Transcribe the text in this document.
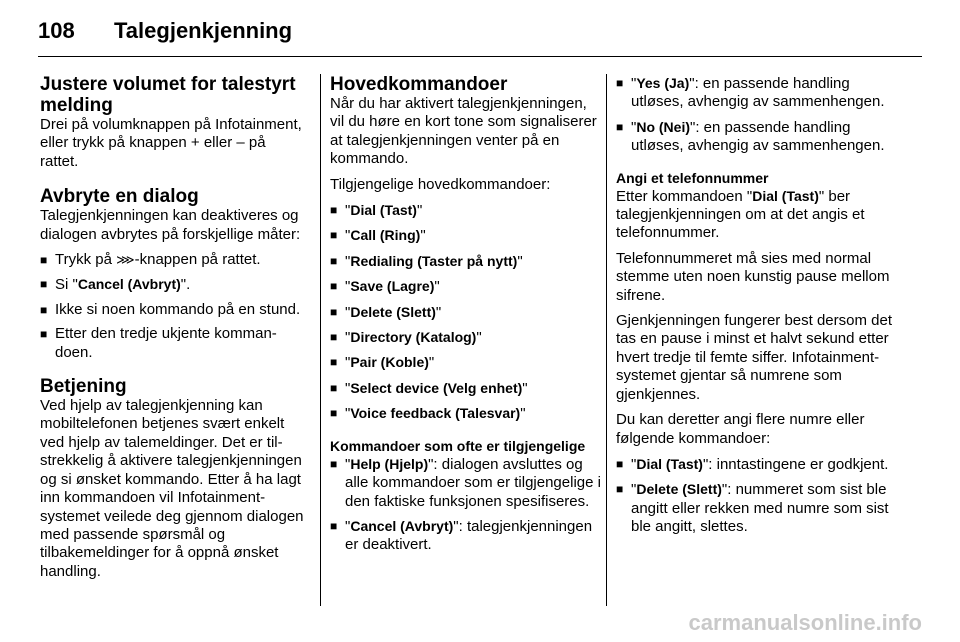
108 Talegjenkjenning
Justere volumet for talestyrt melding

Drei på volumknappen på Infotainment, eller trykk på knappen + eller – på rattet.

Avbryte en dialog

Talegjenkjenningen kan deaktiveres og dialogen avbrytes på forskjellige måter:

■ Trykk på ⋙-knappen på rattet.
■ Si "Cancel (Avbryt)".
■ Ikke si noen kommando på en stund.
■ Etter den tredje ukjente kommandoen.
Betjening

Ved hjelp av talegjenkjenning kan mobiltelefonen betjenes svært enkelt ved hjelp av talemeldinger. Det er tilstrekkelig å aktivere talegjenkjenningen og si ønsket kommando. Etter å ha lagt inn kommandoen vil Infotainment-systemet veilede deg gjennom dialogen med passende spørsmål og tilbakemeldinger for å oppnå ønsket handling.

Hovedkommandoer

Når du har aktivert talegjenkjenningen, vil du høre en kort tone som signaliserer at talegjenkjenningen venter på en kommando.

Tilgjengelige hovedkommandoer:

■ "Dial (Tast)"
■ "Call (Ring)"
■ "Redialing (Taster på nytt)"
■ "Save (Lagre)"
■ "Delete (Slett)"
■ "Directory (Katalog)"
■ "Pair (Koble)"
■ "Select device (Velg enhet)"
■ "Voice feedback (Talesvar)"
Kommandoer som ofte er tilgjengelige
■ "Help (Hjelp)": dialogen avsluttes og alle kommandoer som er tilgjengelige i den faktiske funksjonen spesifiseres.
■ "Cancel (Avbryt)": talegjenkjenningen er deaktivert.
■ "Yes (Ja)": en passende handling utløses, avhengig av sammenhengen.
■ "No (Nei)": en passende handling utløses, avhengig av sammenhengen.
Angi et telefonnummer

Etter kommandoen "Dial (Tast)" ber talegjenkjenningen om at det angis et telefonnummer.

Telefonnummeret må sies med normal stemme uten noen kunstig pause mellom sifrene.

Gjenkjenningen fungerer best dersom det tas en pause i minst et halvt sekund etter hvert tredje til femte siffer. Infotainment-systemet gjentar så numrene som gjenkjennes.

Du kan deretter angi flere numre eller følgende kommandoer:

■ "Dial (Tast)": inntastingene er godkjent.
■ "Delete (Slett)": nummeret som sist ble angitt eller rekken med numre som sist ble angitt, slettes.
carmanualsonline.info
